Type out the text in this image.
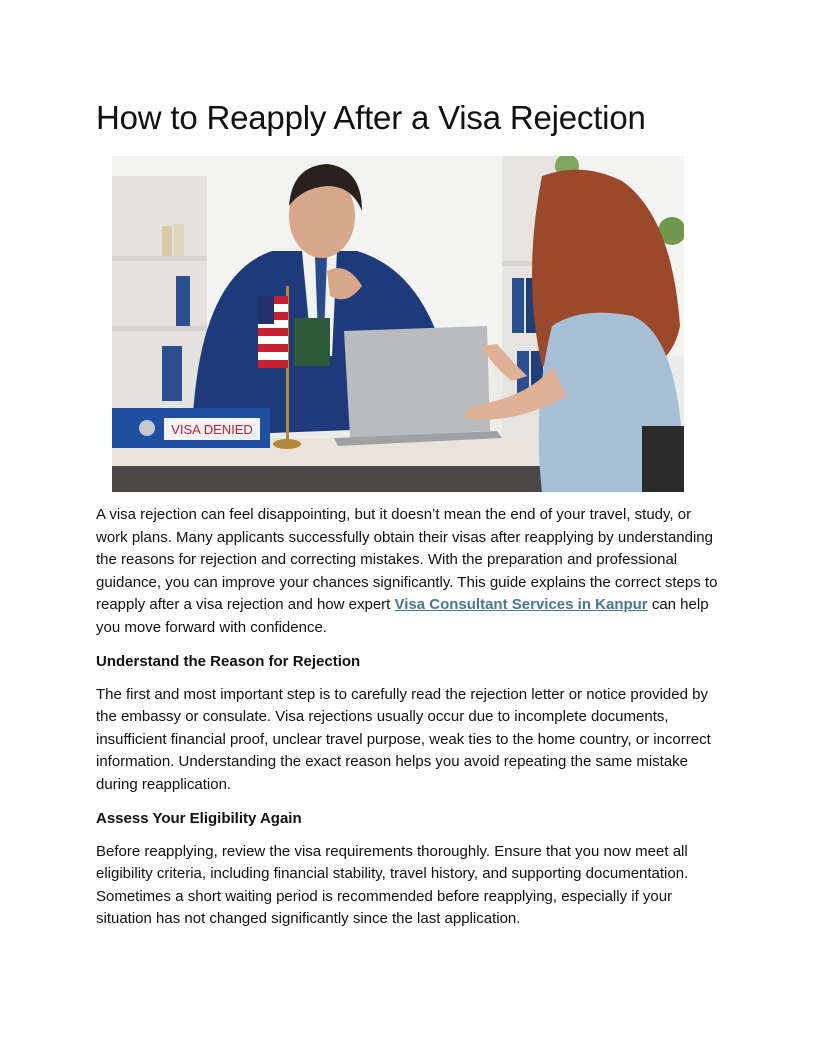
How to Reapply After a Visa Rejection
VISA DENIED

A visa rejection can feel disappointing, but it doesn’t mean the end of your travel, study, or work plans. Many applicants successfully obtain their visas after reapplying by understanding the reasons for rejection and correcting mistakes. With the preparation and professional guidance, you can improve your chances significantly. This guide explains the correct steps to reapply after a visa rejection and how expert Visa Consultant Services in Kanpur can help you move forward with confidence.

Understand the Reason for Rejection

The first and most important step is to carefully read the rejection letter or notice provided by the embassy or consulate. Visa rejections usually occur due to incomplete documents, insufficient financial proof, unclear travel purpose, weak ties to the home country, or incorrect information. Understanding the exact reason helps you avoid repeating the same mistake during reapplication.

Assess Your Eligibility Again

Before reapplying, review the visa requirements thoroughly. Ensure that you now meet all eligibility criteria, including financial stability, travel history, and supporting documentation. Sometimes a short waiting period is recommended before reapplying, especially if your situation has not changed significantly since the last application.
